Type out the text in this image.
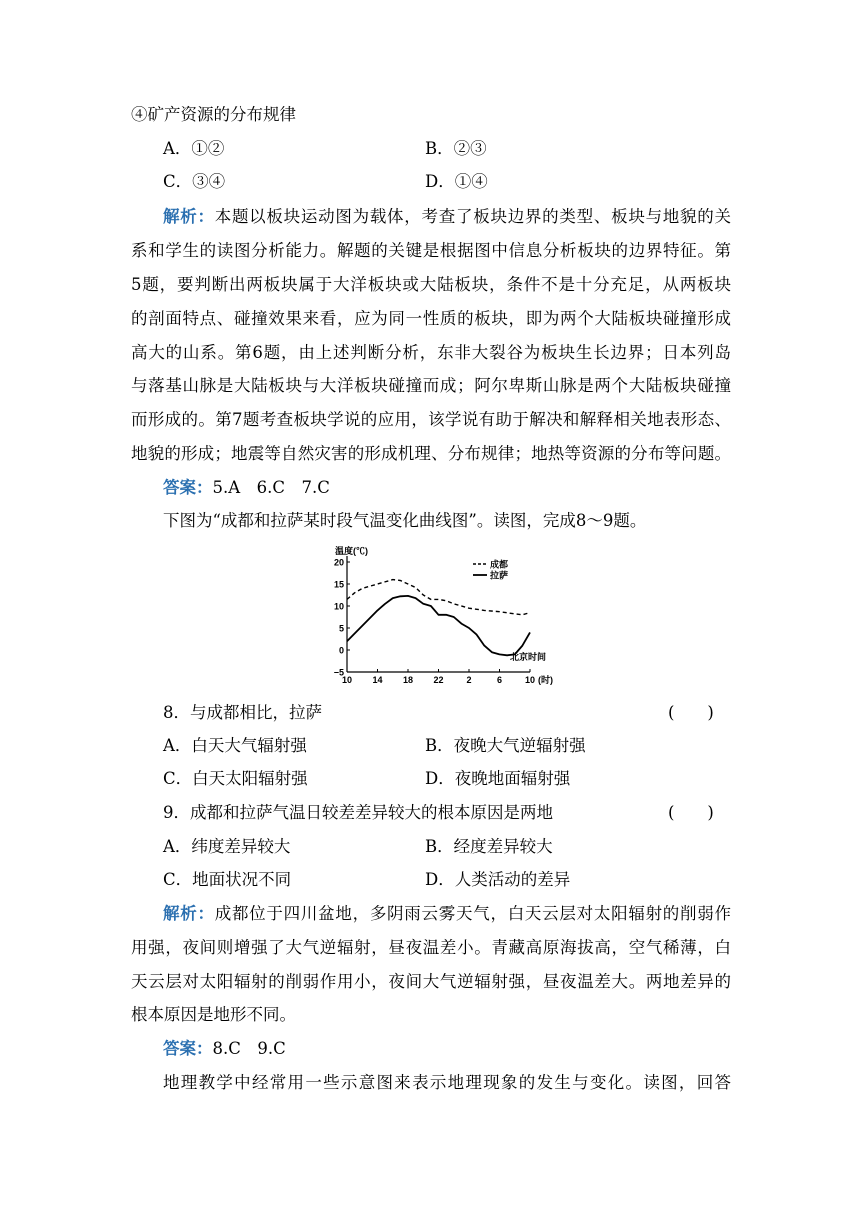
④矿产资源的分布规律
A．①②	B．②③
C．③④	D．①④
解析：本题以板块运动图为载体，考查了板块边界的类型、板块与地貌的关
系和学生的读图分析能力。解题的关键是根据图中信息分析板块的边界特征。第
5题，要判断出两板块属于大洋板块或大陆板块，条件不是十分充足，从两板块
的剖面特点、碰撞效果来看，应为同一性质的板块，即为两个大陆板块碰撞形成
高大的山系。第6题，由上述判断分析，东非大裂谷为板块生长边界；日本列岛
与落基山脉是大陆板块与大洋板块碰撞而成；阿尔卑斯山脉是两个大陆板块碰撞
而形成的。第7题考查板块学说的应用，该学说有助于解决和解释相关地表形态、
地貌的形成；地震等自然灾害的形成机理、分布规律；地热等资源的分布等问题。
答案：5.A　6.C　7.C
下图为“成都和拉萨某时段气温变化曲线图”。读图，完成8～9题。
20
15
10
5
0
−5
10 14 18 22	2	6	10
温度(℃)
北京时间
(时)
成都
拉萨
8．与成都相比，拉萨	(　　)
A．白天大气辐射强	B．夜晚大气逆辐射强
C．白天太阳辐射强	D．夜晚地面辐射强
9．成都和拉萨气温日较差差异较大的根本原因是两地	(　　)
A．纬度差异较大	B．经度差异较大
C．地面状况不同	D．人类活动的差异
解析：成都位于四川盆地，多阴雨云雾天气，白天云层对太阳辐射的削弱作
用强，夜间则增强了大气逆辐射，昼夜温差小。青藏高原海拔高，空气稀薄，白
天云层对太阳辐射的削弱作用小，夜间大气逆辐射强，昼夜温差大。两地差异的
根本原因是地形不同。
答案：8.C　9.C
地理教学中经常用一些示意图来表示地理现象的发生与变化。读图，回答
